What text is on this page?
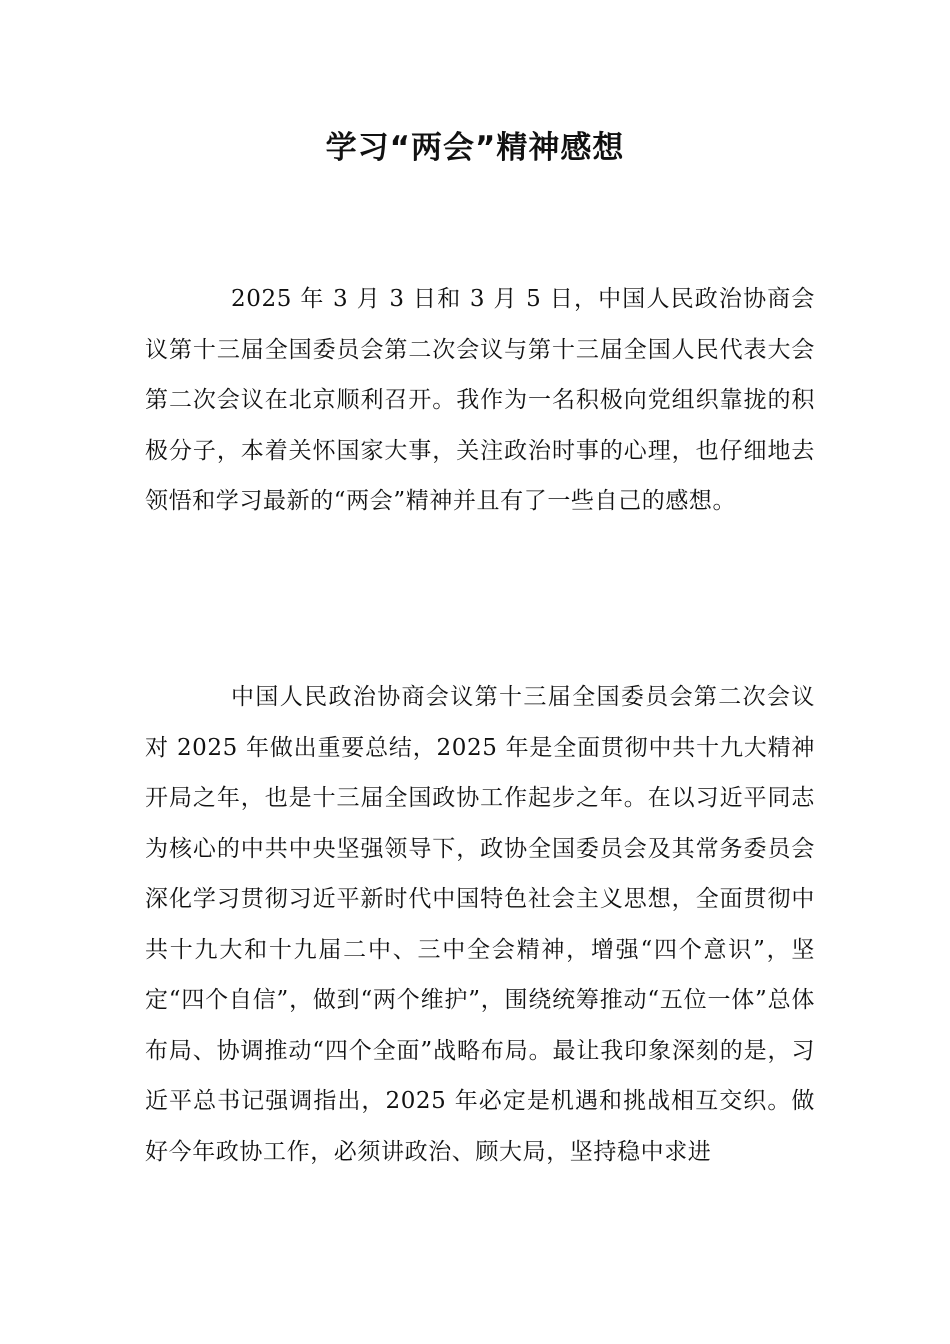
学习“两会”精神感想

2025 年 3 月 3 日和 3 月 5 日，中国人民政治协商会议第十三届全国委员会第二次会议与第十三届全国人民代表大会第二次会议在北京顺利召开。我作为一名积极向党组织靠拢的积极分子，本着关怀国家大事，关注政治时事的心理，也仔细地去领悟和学习最新的“两会”精神并且有了一些自己的感想。

中国人民政治协商会议第十三届全国委员会第二次会议对 2025 年做出重要总结，2025 年是全面贯彻中共十九大精神开局之年，也是十三届全国政协工作起步之年。在以习近平同志为核心的中共中央坚强领导下，政协全国委员会及其常务委员会深化学习贯彻习近平新时代中国特色社会主义思想，全面贯彻中共十九大和十九届二中、三中全会精神，增强“四个意识”，坚定“四个自信”，做到“两个维护”，围绕统筹推动“五位一体”总体布局、协调推动“四个全面”战略布局。最让我印象深刻的是，习近平总书记强调指出，2025 年必定是机遇和挑战相互交织。做好今年政协工作，必须讲政治、顾大局，坚持稳中求进
